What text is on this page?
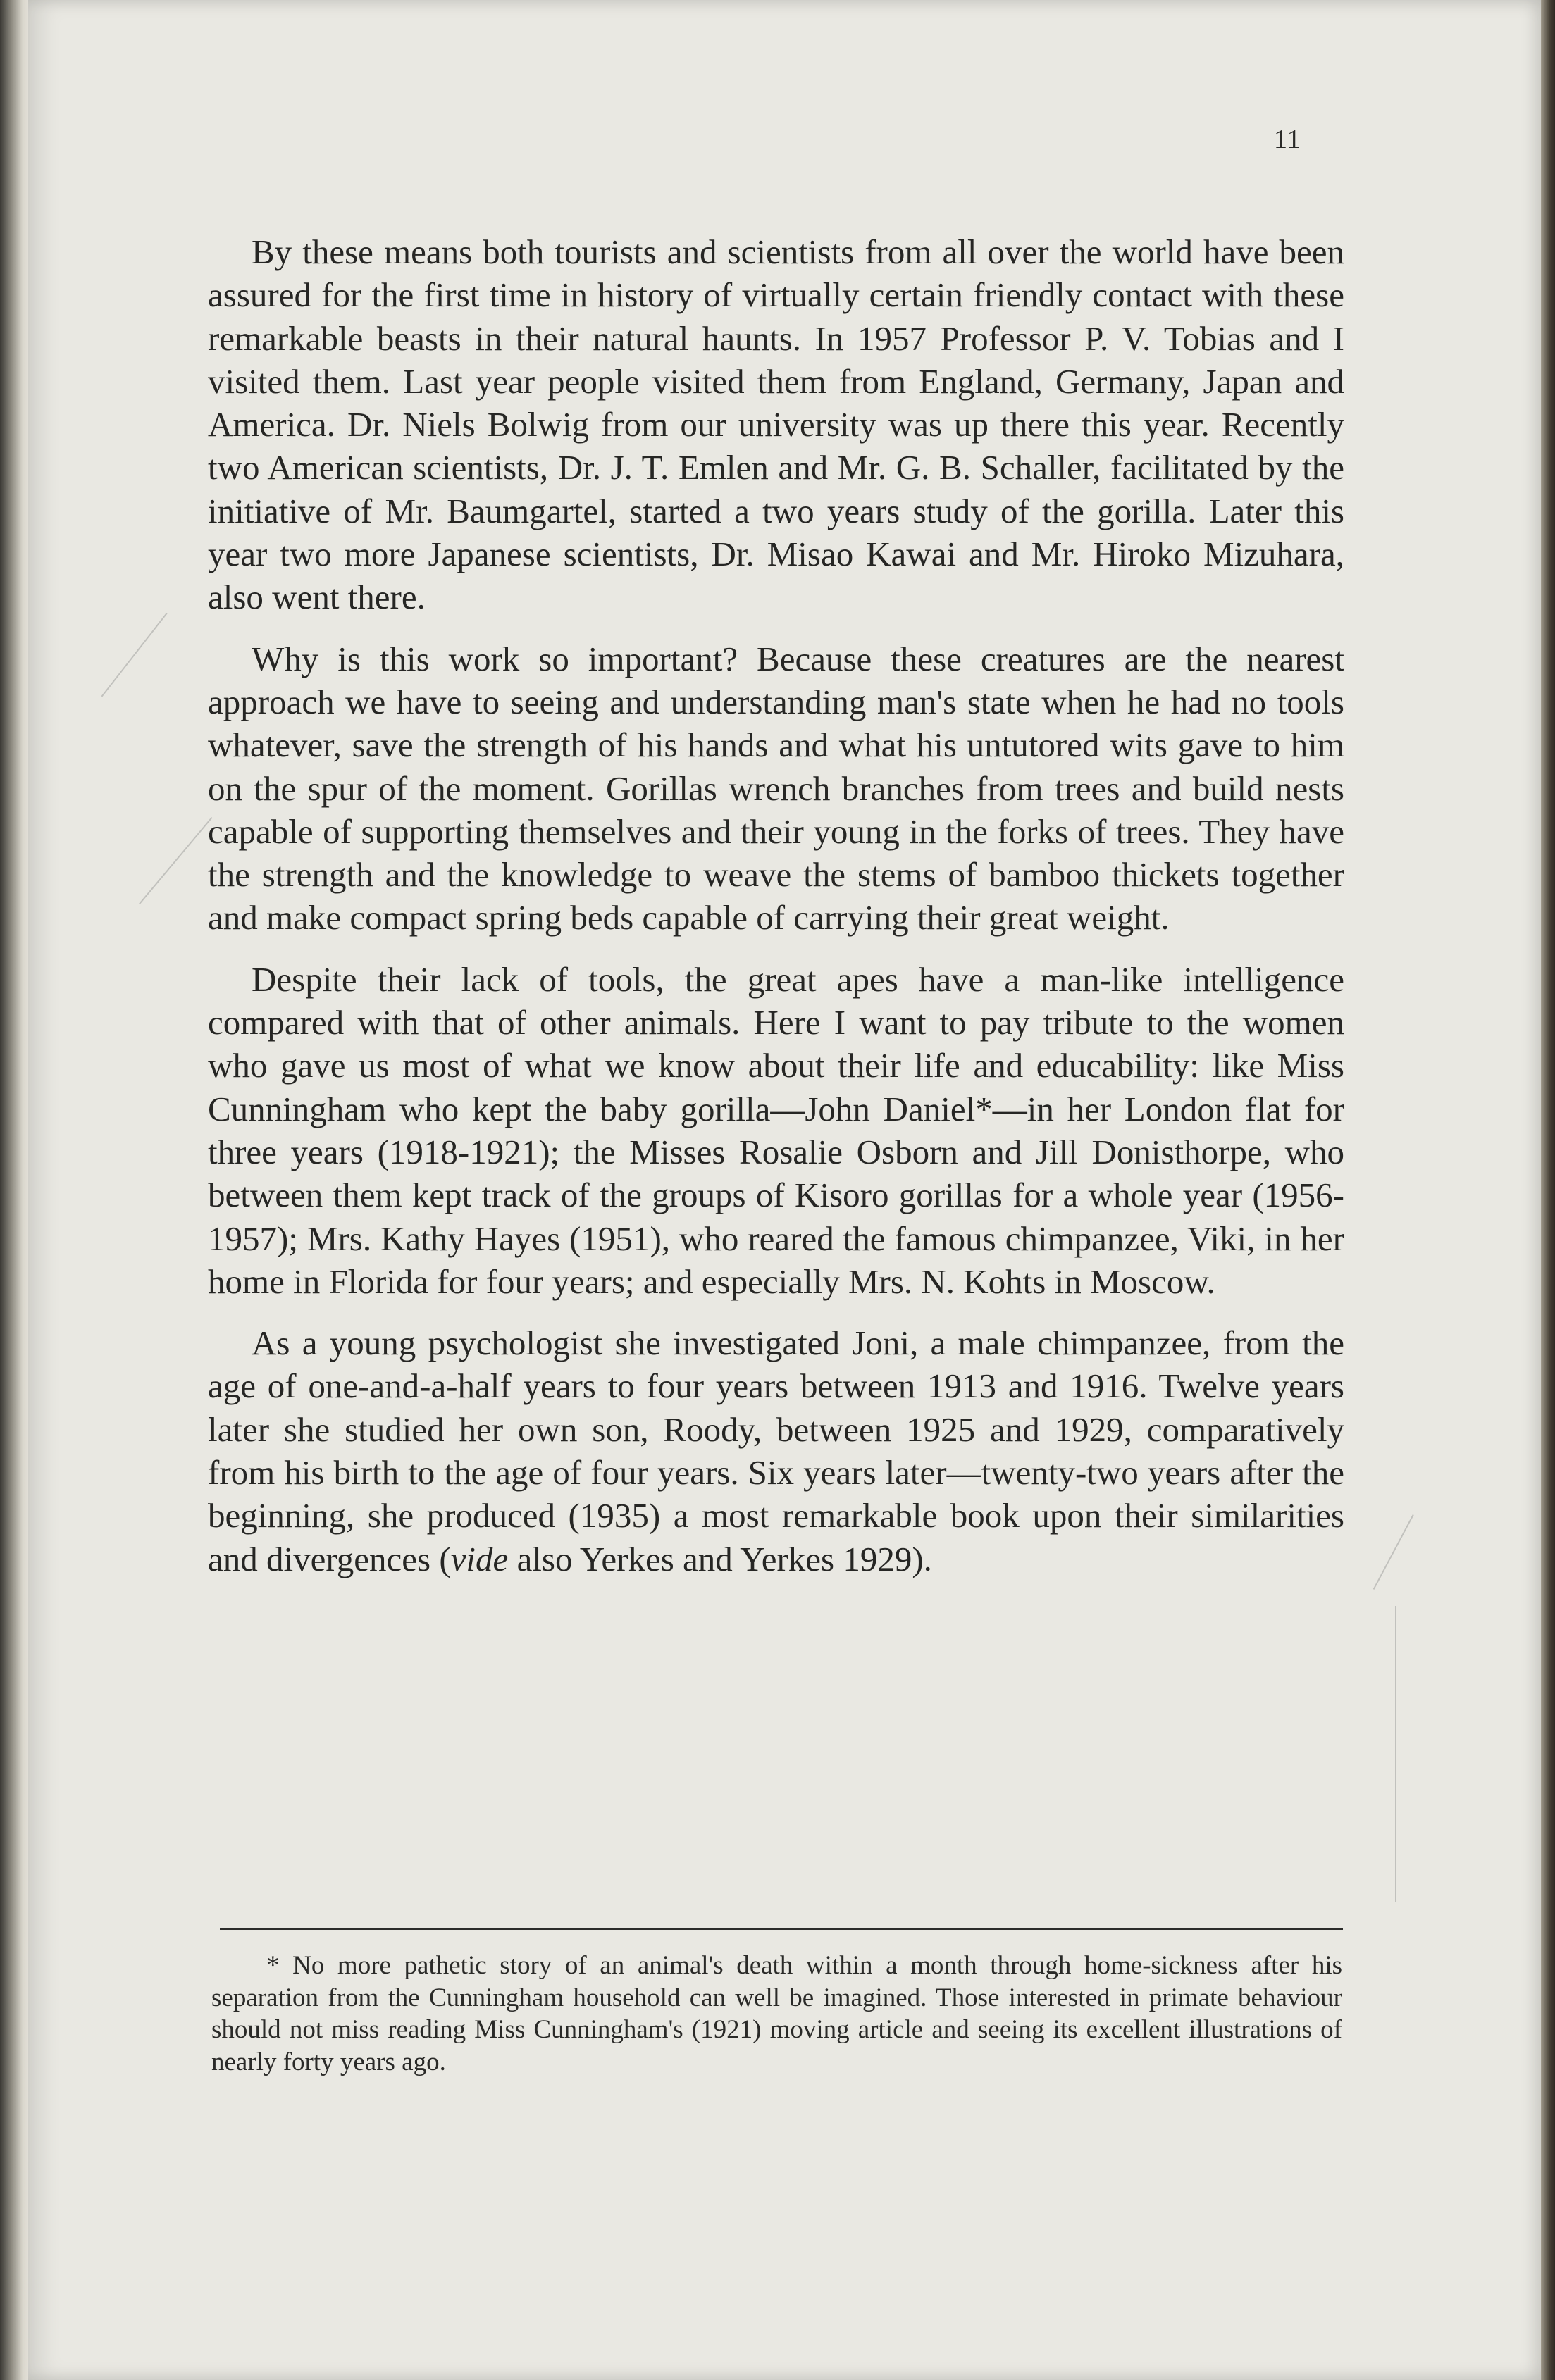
11

By these means both tourists and scientists from all over the world have been assured for the first time in history of virtually certain friendly contact with these remarkable beasts in their natural haunts. In 1957 Professor P. V. Tobias and I visited them. Last year people visited them from England, Germany, Japan and America. Dr. Niels Bolwig from our university was up there this year. Recently two American scientists, Dr. J. T. Emlen and Mr. G. B. Schaller, facilitated by the initiative of Mr. Baumgartel, started a two years study of the gorilla. Later this year two more Japanese scientists, Dr. Misao Kawai and Mr. Hiroko Mizuhara, also went there.

Why is this work so important? Because these creatures are the nearest approach we have to seeing and understanding man's state when he had no tools whatever, save the strength of his hands and what his untutored wits gave to him on the spur of the moment. Gorillas wrench branches from trees and build nests capable of supporting themselves and their young in the forks of trees. They have the strength and the knowledge to weave the stems of bamboo thickets together and make compact spring beds capable of carrying their great weight.

Despite their lack of tools, the great apes have a man-like intelligence compared with that of other animals. Here I want to pay tribute to the women who gave us most of what we know about their life and educability: like Miss Cunningham who kept the baby gorilla—John Daniel*—in her London flat for three years (1918-1921); the Misses Rosalie Osborn and Jill Donisthorpe, who between them kept track of the groups of Kisoro gorillas for a whole year (1956-1957); Mrs. Kathy Hayes (1951), who reared the famous chimpanzee, Viki, in her home in Florida for four years; and especially Mrs. N. Kohts in Moscow.

As a young psychologist she investigated Joni, a male chimpanzee, from the age of one-and-a-half years to four years between 1913 and 1916. Twelve years later she studied her own son, Roody, between 1925 and 1929, comparatively from his birth to the age of four years. Six years later—twenty-two years after the beginning, she produced (1935) a most remarkable book upon their similarities and divergences (vide also Yerkes and Yerkes 1929).

* No more pathetic story of an animal's death within a month through home-sickness after his separation from the Cunningham household can well be imagined. Those interested in primate behaviour should not miss reading Miss Cunningham's (1921) moving article and seeing its excellent illustrations of nearly forty years ago.
